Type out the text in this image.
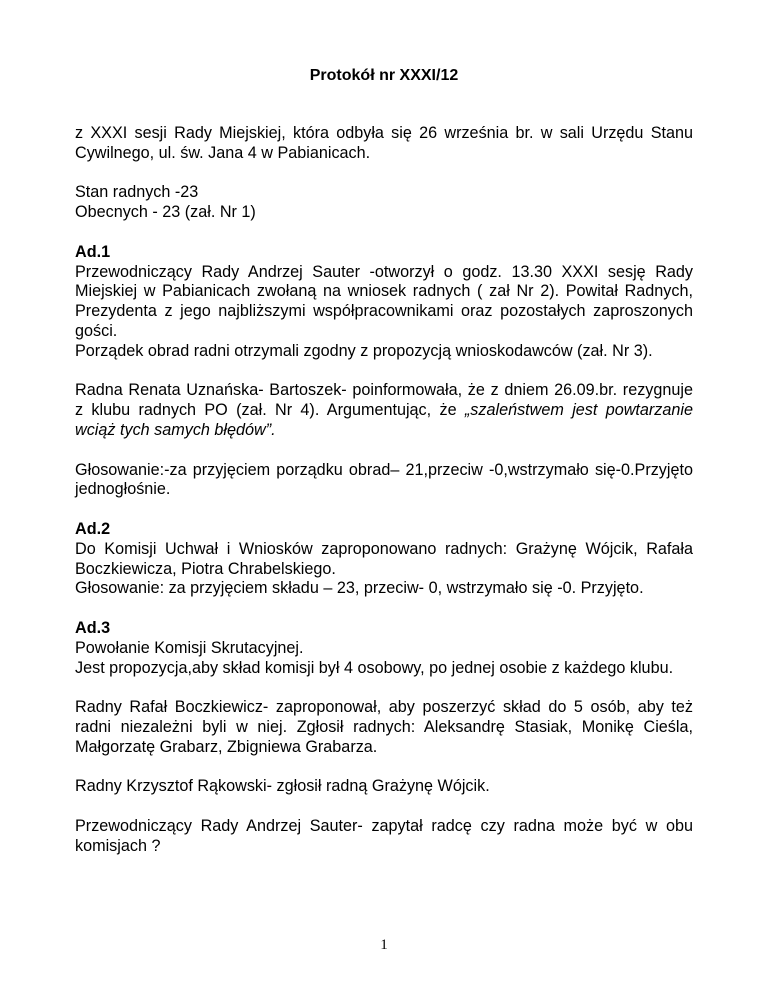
Protokół nr XXXI/12

z XXXI sesji Rady Miejskiej, która odbyła się 26 września br. w sali Urzędu Stanu Cywilnego, ul. św. Jana 4 w Pabianicach.

Stan radnych -23

Obecnych - 23 (zał. Nr 1)

Ad.1

Przewodniczący Rady Andrzej Sauter -otworzył o godz. 13.30 XXXI sesję Rady Miejskiej w Pabianicach zwołaną na wniosek radnych ( zał Nr 2). Powitał Radnych, Prezydenta z jego najbliższymi współpracownikami oraz pozostałych zaproszonych gości.

Porządek obrad radni otrzymali zgodny z propozycją wnioskodawców (zał. Nr 3).

Radna Renata Uznańska- Bartoszek- poinformowała, że z dniem 26.09.br. rezygnuje z klubu radnych PO (zał. Nr 4). Argumentując, że „szaleństwem jest powtarzanie wciąż tych samych błędów”.

Głosowanie:-za przyjęciem porządku obrad– 21,przeciw -0,wstrzymało się-0.Przyjęto jednogłośnie.

Ad.2

Do Komisji Uchwał i Wniosków zaproponowano radnych: Grażynę Wójcik, Rafała Boczkiewicza, Piotra Chrabelskiego.

Głosowanie: za przyjęciem składu – 23, przeciw- 0, wstrzymało się -0. Przyjęto.

Ad.3

Powołanie Komisji Skrutacyjnej.

Jest propozycja,aby skład komisji był 4 osobowy, po jednej osobie z każdego klubu.

Radny Rafał Boczkiewicz- zaproponował, aby poszerzyć skład do 5 osób, aby też radni niezależni byli w niej. Zgłosił radnych: Aleksandrę Stasiak, Monikę Cieśla, Małgorzatę Grabarz, Zbigniewa Grabarza.

Radny Krzysztof Rąkowski- zgłosił radną Grażynę Wójcik.

Przewodniczący Rady Andrzej Sauter- zapytał radcę czy radna może być w obu komisjach ?

1
